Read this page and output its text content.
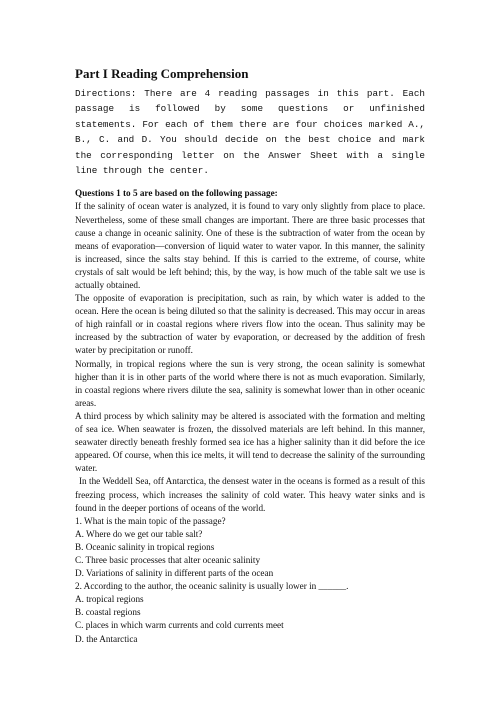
Part I Reading Comprehension

Directions: There are 4 reading passages in this part. Each passage is followed by some questions or unfinished statements. For each of them there are four choices marked A., B., C. and D. You should decide on the best choice and mark the corresponding letter on the Answer Sheet with a single line through the center.

Questions 1 to 5 are based on the following passage:

If the salinity of ocean water is analyzed, it is found to vary only slightly from place to place. Nevertheless, some of these small changes are important. There are three basic processes that cause a change in oceanic salinity. One of these is the subtraction of water from the ocean by means of evaporation—conversion of liquid water to water vapor. In this manner, the salinity is increased, since the salts stay behind. If this is carried to the extreme, of course, white crystals of salt would be left behind; this, by the way, is how much of the table salt we use is actually obtained.

The opposite of evaporation is precipitation, such as rain, by which water is added to the ocean. Here the ocean is being diluted so that the salinity is decreased. This may occur in areas of high rainfall or in coastal regions where rivers flow into the ocean. Thus salinity may be increased by the subtraction of water by evaporation, or decreased by the addition of fresh water by precipitation or runoff.

Normally, in tropical regions where the sun is very strong, the ocean salinity is somewhat higher than it is in other parts of the world where there is not as much evaporation. Similarly, in coastal regions where rivers dilute the sea, salinity is somewhat lower than in other oceanic areas.

A third process by which salinity may be altered is associated with the formation and melting of sea ice. When seawater is frozen, the dissolved materials are left behind. In this manner, seawater directly beneath freshly formed sea ice has a higher salinity than it did before the ice appeared. Of course, when this ice melts, it will tend to decrease the salinity of the surrounding water.

In the Weddell Sea, off Antarctica, the densest water in the oceans is formed as a result of this freezing process, which increases the salinity of cold water. This heavy water sinks and is found in the deeper portions of oceans of the world.

1. What is the main topic of the passage?

A. Where do we get our table salt?

B. Oceanic salinity in tropical regions

C. Three basic processes that alter oceanic salinity

D. Variations of salinity in different parts of the ocean

2. According to the author, the oceanic salinity is usually lower in ______.

A. tropical regions

B. coastal regions

C. places in which warm currents and cold currents meet

D. the Antarctica
